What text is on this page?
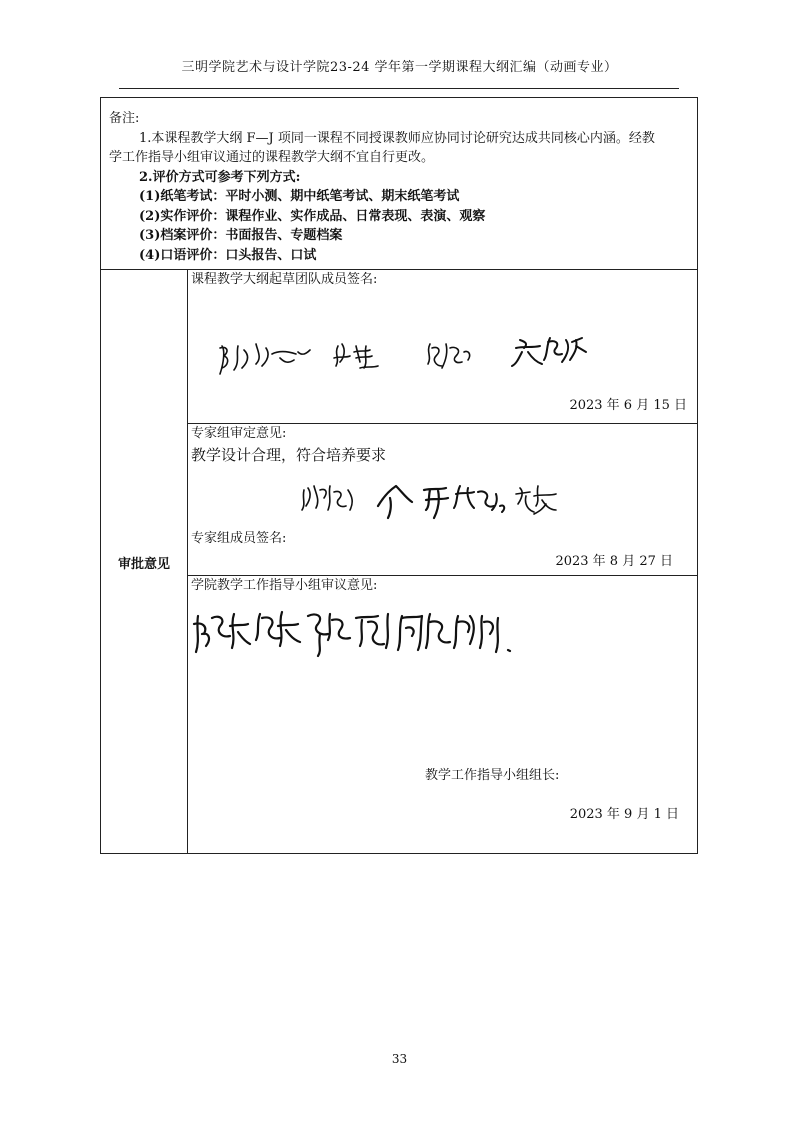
三明学院艺术与设计学院23-24 学年第一学期课程大纲汇编（动画专业）
备注:
1.本课程教学大纲 F—J 项同一课程不同授课教师应协同讨论研究达成共同核心内涵。经教
学工作指导小组审议通过的课程教学大纲不宜自行更改。
2.评价方式可参考下列方式:
(1)纸笔考试：平时小测、期中纸笔考试、期末纸笔考试
(2)实作评价：课程作业、实作成品、日常表现、表演、观察
(3)档案评价：书面报告、专题档案
(4)口语评价：口头报告、口试
审批意见
课程教学大纲起草团队成员签名:
2023 年 6 月 15 日
专家组审定意见:
教学设计合理，符合培养要求
专家组成员签名:
2023 年 8 月 27 日
学院教学工作指导小组审议意见:
教学工作指导小组组长:
2023 年 9 月 1 日
33
